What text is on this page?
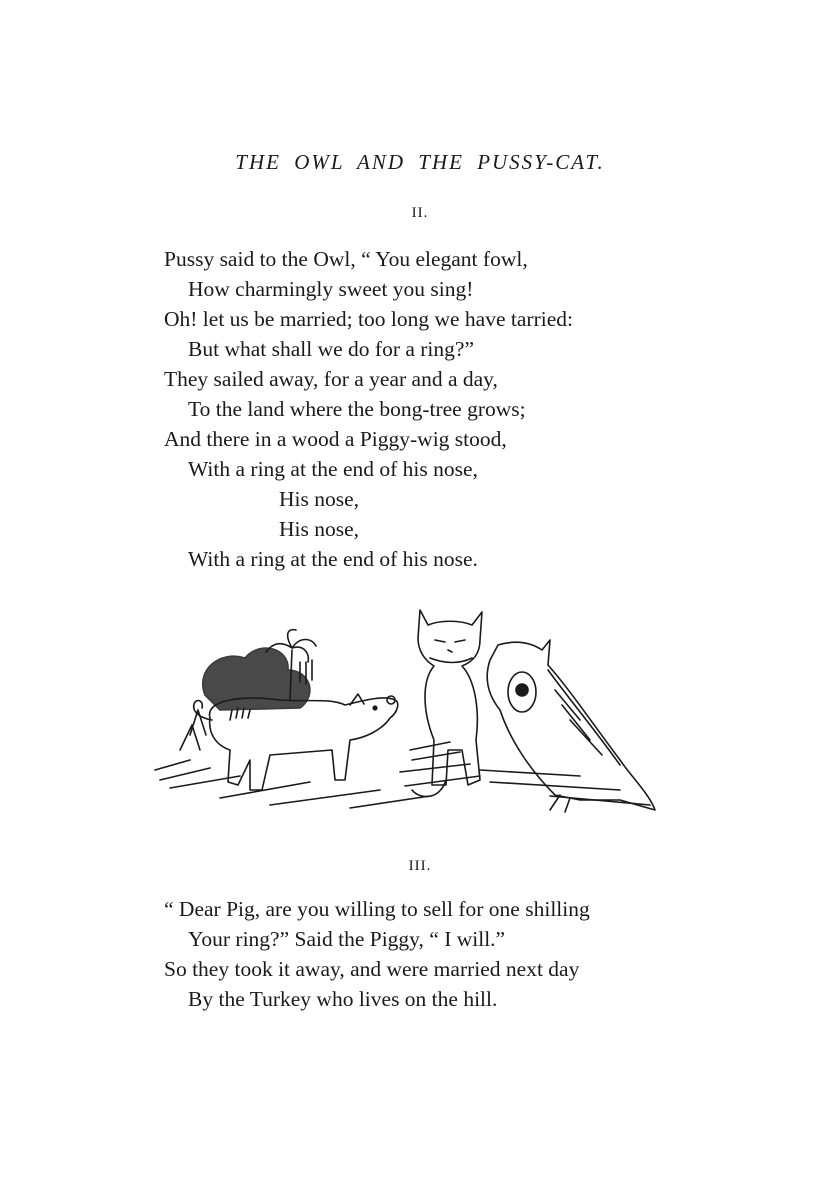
THE OWL AND THE PUSSY-CAT.
II.
Pussy said to the Owl, “ You elegant fowl,
How charmingly sweet you sing!
Oh! let us be married; too long we have tarried:
But what shall we do for a ring?”
They sailed away, for a year and a day,
To the land where the bong-tree grows;
And there in a wood a Piggy-wig stood,
With a ring at the end of his nose,
His nose,
His nose,
With a ring at the end of his nose.
III.
“ Dear Pig, are you willing to sell for one shilling
Your ring?” Said the Piggy, “ I will.”
So they took it away, and were married next day
By the Turkey who lives on the hill.
